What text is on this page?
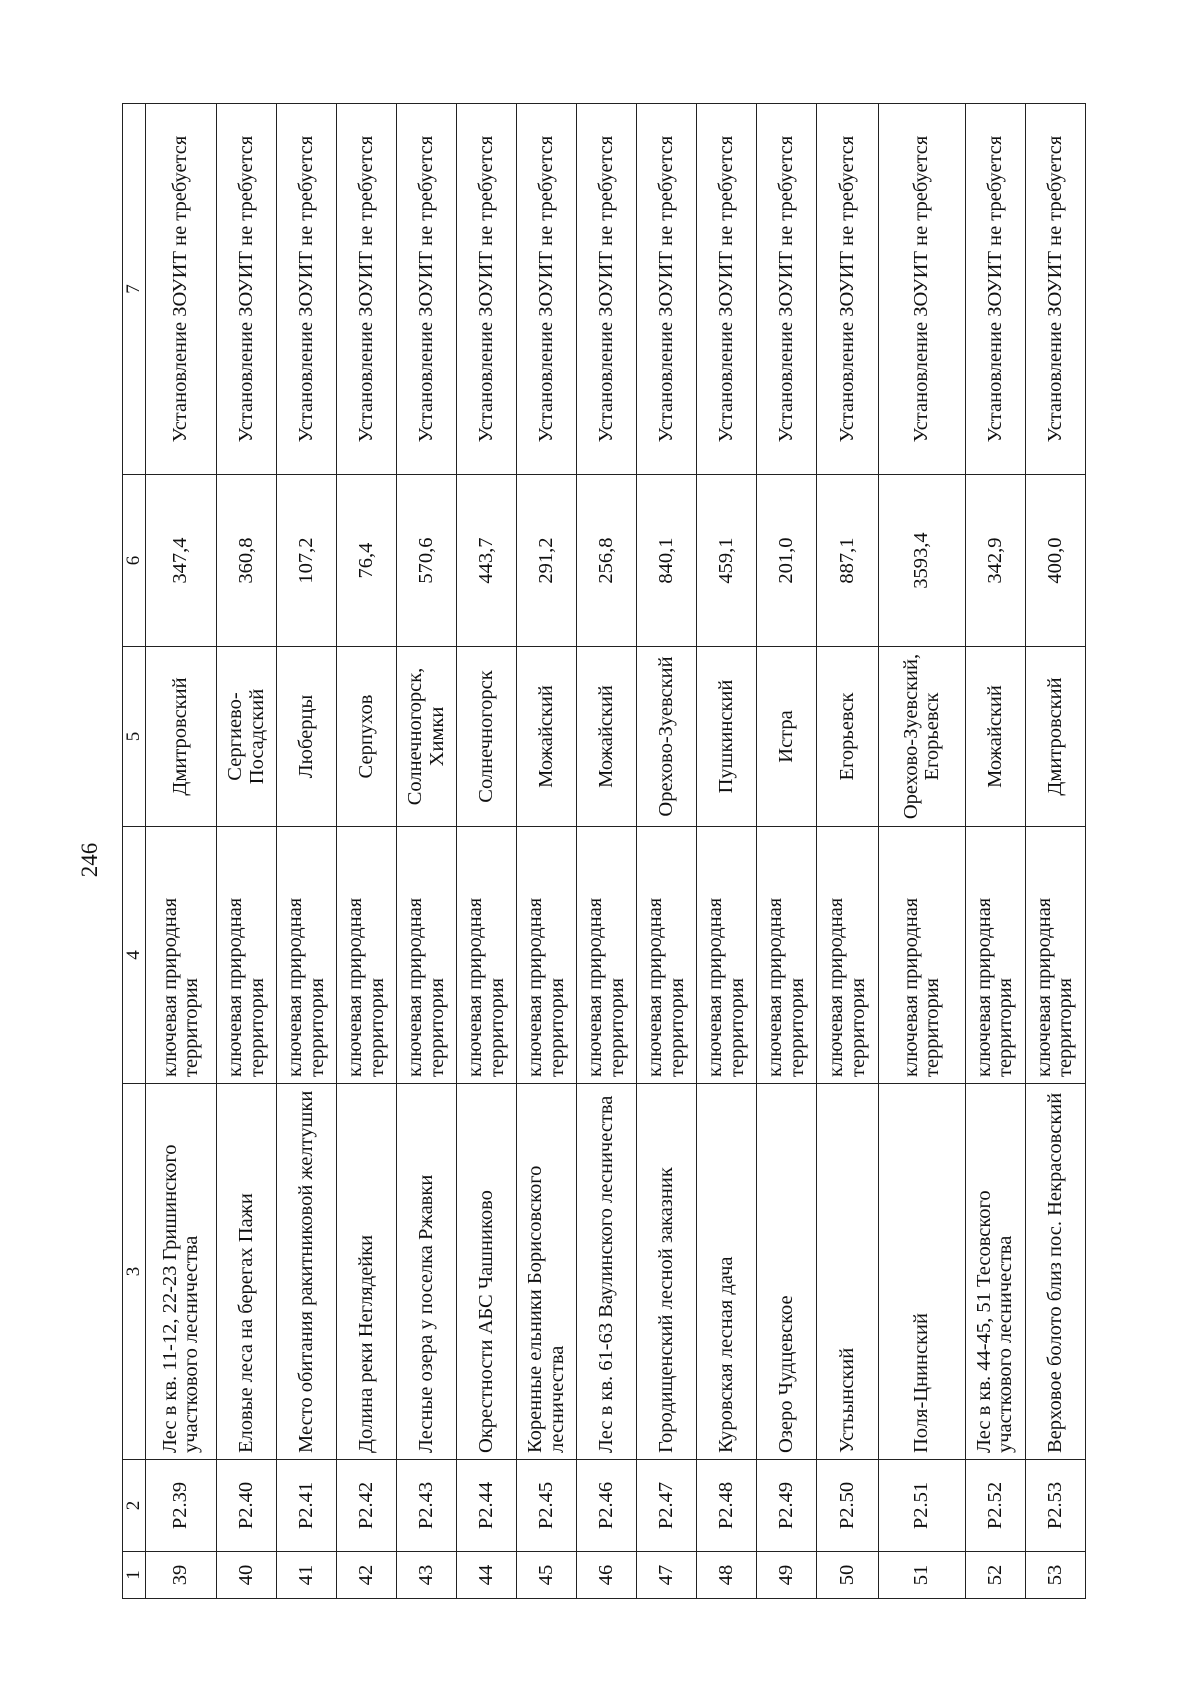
246
1	2	3	4	5	6	7
39	P2.39	Лес в кв. 11-12, 22-23 Гришинского участкового лесничества	ключевая природная территория	Дмитровский	347,4	Установление ЗОУИТ не требуется
40	P2.40	Еловые леса на берегах Пажи	ключевая природная территория	Сергиево-Посадский	360,8	Установление ЗОУИТ не требуется
41	P2.41	Место обитания ракитниковой желтушки	ключевая природная территория	Люберцы	107,2	Установление ЗОУИТ не требуется
42	P2.42	Долина реки Неглядейки	ключевая природная территория	Серпухов	76,4	Установление ЗОУИТ не требуется
43	P2.43	Лесные озера у поселка Ржавки	ключевая природная территория	Солнечногорск, Химки	570,6	Установление ЗОУИТ не требуется
44	P2.44	Окрестности АБС Чашниково	ключевая природная территория	Солнечногорск	443,7	Установление ЗОУИТ не требуется
45	P2.45	Коренные ельники Борисовского лесничества	ключевая природная территория	Можайский	291,2	Установление ЗОУИТ не требуется
46	P2.46	Лес в кв. 61-63 Ваулинского лесничества	ключевая природная территория	Можайский	256,8	Установление ЗОУИТ не требуется
47	P2.47	Городищенский лесной заказник	ключевая природная территория	Орехово-Зуевский	840,1	Установление ЗОУИТ не требуется
48	P2.48	Куровская лесная дача	ключевая природная территория	Пушкинский	459,1	Установление ЗОУИТ не требуется
49	P2.49	Озеро Чудцевское	ключевая природная территория	Истра	201,0	Установление ЗОУИТ не требуется
50	P2.50	Устьынский	ключевая природная территория	Егорьевск	887,1	Установление ЗОУИТ не требуется
51	P2.51	Поля-Цнинский	ключевая природная территория	Орехово-Зуевский, Егорьевск	3593,4	Установление ЗОУИТ не требуется
52	P2.52	Лес в кв. 44-45, 51 Тесовского участкового лесничества	ключевая природная территория	Можайский	342,9	Установление ЗОУИТ не требуется
53	P2.53	Верховое болото близ пос. Некрасовский	ключевая природная территория	Дмитровский	400,0	Установление ЗОУИТ не требуется
